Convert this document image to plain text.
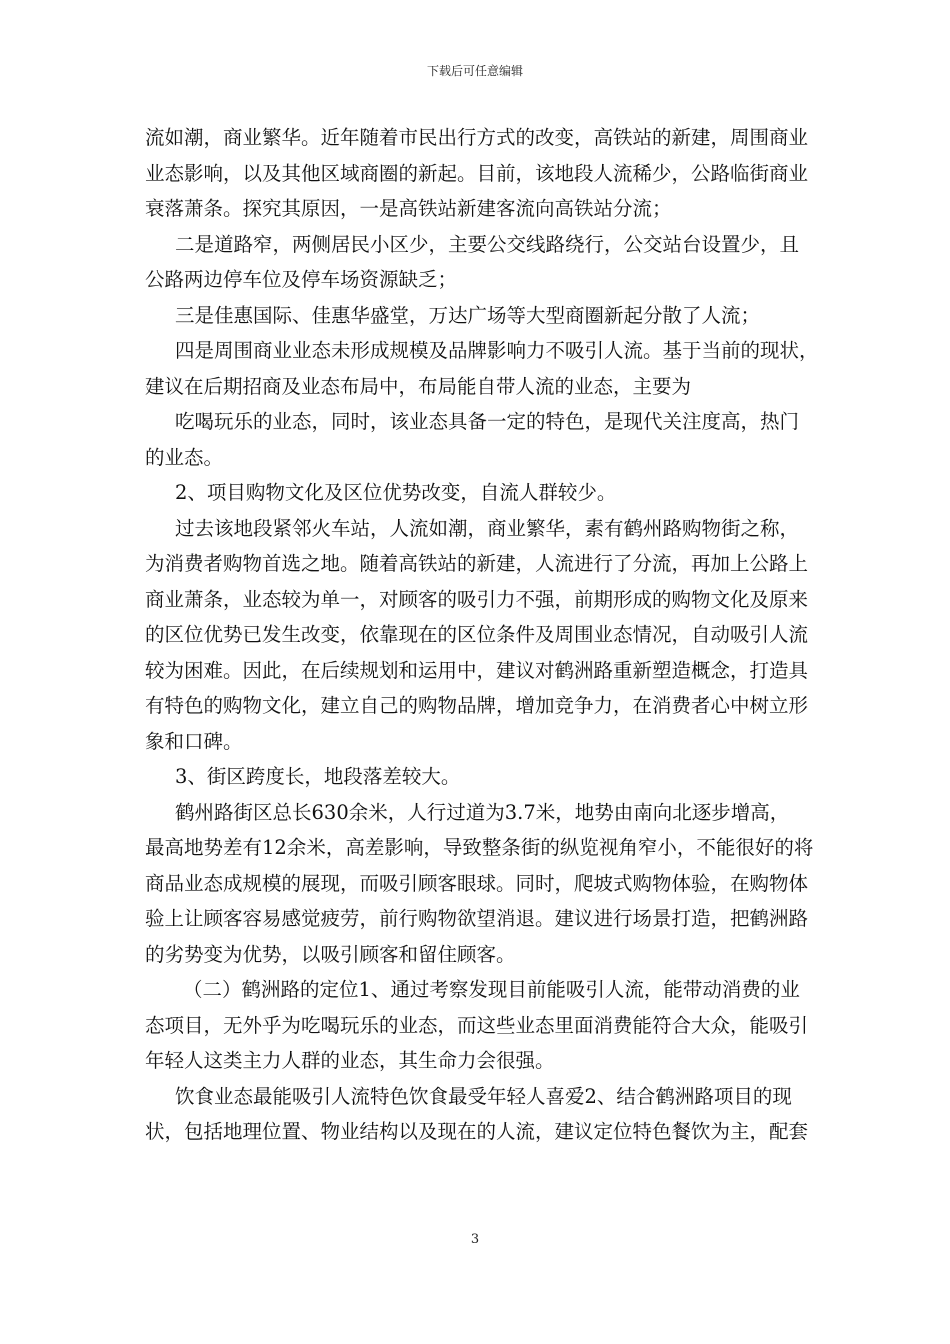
下载后可任意编辑
流如潮，商业繁华。近年随着市民出行方式的改变，高铁站的新建，周围商业
业态影响，以及其他区域商圈的新起。目前，该地段人流稀少，公路临街商业
衰落萧条。探究其原因，一是高铁站新建客流向高铁站分流；
二是道路窄，两侧居民小区少，主要公交线路绕行，公交站台设置少，且
公路两边停车位及停车场资源缺乏；
三是佳惠国际、佳惠华盛堂，万达广场等大型商圈新起分散了人流；
四是周围商业业态未形成规模及品牌影响力不吸引人流。基于当前的现状，
建议在后期招商及业态布局中，布局能自带人流的业态，主要为
吃喝玩乐的业态，同时，该业态具备一定的特色，是现代关注度高，热门
的业态。
2、项目购物文化及区位优势改变，自流人群较少。
过去该地段紧邻火车站，人流如潮，商业繁华，素有鹤州路购物街之称，
为消费者购物首选之地。随着高铁站的新建，人流进行了分流，再加上公路上
商业萧条，业态较为单一，对顾客的吸引力不强，前期形成的购物文化及原来
的区位优势已发生改变，依靠现在的区位条件及周围业态情况，自动吸引人流
较为困难。因此，在后续规划和运用中，建议对鹤洲路重新塑造概念，打造具
有特色的购物文化，建立自己的购物品牌，增加竞争力，在消费者心中树立形
象和口碑。
3、街区跨度长，地段落差较大。
鹤州路街区总长630余米，人行过道为3.7米，地势由南向北逐步增高，
最高地势差有12余米，高差影响，导致整条街的纵览视角窄小，不能很好的将
商品业态成规模的展现，而吸引顾客眼球。同时，爬坡式购物体验，在购物体
验上让顾客容易感觉疲劳，前行购物欲望消退。建议进行场景打造，把鹤洲路
的劣势变为优势，以吸引顾客和留住顾客。
（二）鹤洲路的定位1、通过考察发现目前能吸引人流，能带动消费的业
态项目，无外乎为吃喝玩乐的业态，而这些业态里面消费能符合大众，能吸引
年轻人这类主力人群的业态，其生命力会很强。
饮食业态最能吸引人流特色饮食最受年轻人喜爱2、结合鹤洲路项目的现
状，包括地理位置、物业结构以及现在的人流，建议定位特色餐饮为主，配套
3
